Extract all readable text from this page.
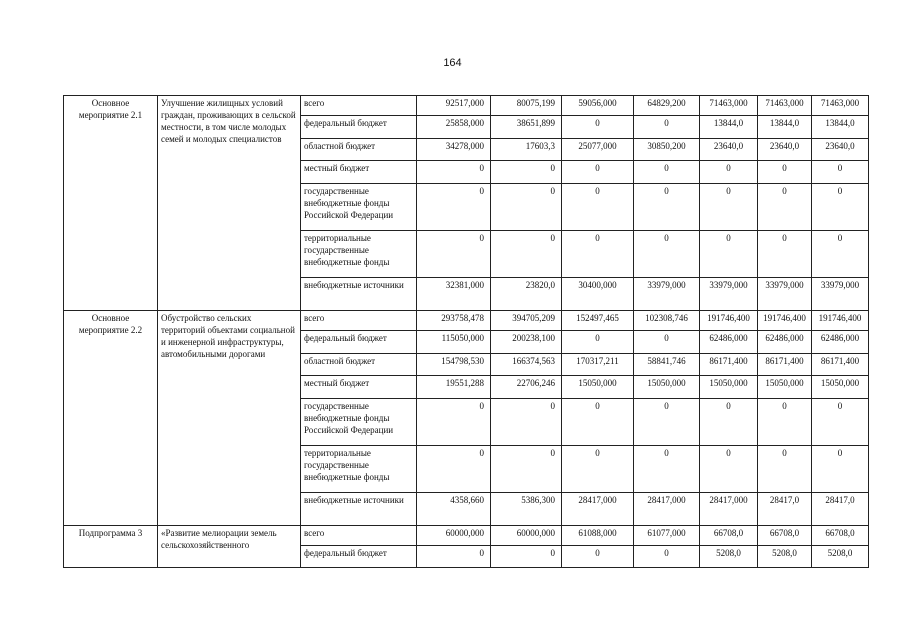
164
Основное мероприятие 2.1	Улучшение жилищных условий граждан, проживающих в сельской местности, в том числе молодых семей и молодых специалистов	всего	92517,000	80075,199	59056,000	64829,200	71463,000	71463,000	71463,000
		федеральный бюджет	25858,000	38651,899	0	0	13844,0	13844,0	13844,0
		областной бюджет	34278,000	17603,3	25077,000	30850,200	23640,0	23640,0	23640,0
		местный бюджет	0	0	0	0	0	0	0
		государственные внебюджетные фонды Российской Федерации	0	0	0	0	0	0	0
		территориальные государственные внебюджетные фонды	0	0	0	0	0	0	0
		внебюджетные источники	32381,000	23820,0	30400,000	33979,000	33979,000	33979,000	33979,000
Основное мероприятие 2.2	Обустройство сельских территорий объектами социальной и инженерной инфраструктуры, автомобильными дорогами	всего	293758,478	394705,209	152497,465	102308,746	191746,400	191746,400	191746,400
		федеральный бюджет	115050,000	200238,100	0	0	62486,000	62486,000	62486,000
		областной бюджет	154798,530	166374,563	170317,211	58841,746	86171,400	86171,400	86171,400
		местный бюджет	19551,288	22706,246	15050,000	15050,000	15050,000	15050,000	15050,000
		государственные внебюджетные фонды Российской Федерации	0	0	0	0	0	0	0
		территориальные государственные внебюджетные фонды	0	0	0	0	0	0	0
		внебюджетные источники	4358,660	5386,300	28417,000	28417,000	28417,000	28417,0	28417,0
Подпрограмма 3	«Развитие мелиорации земель сельскохозяйственного	всего	60000,000	60000,000	61088,000	61077,000	66708,0	66708,0	66708,0
		федеральный бюджет	0	0	0	0	5208,0	5208,0	5208,0
